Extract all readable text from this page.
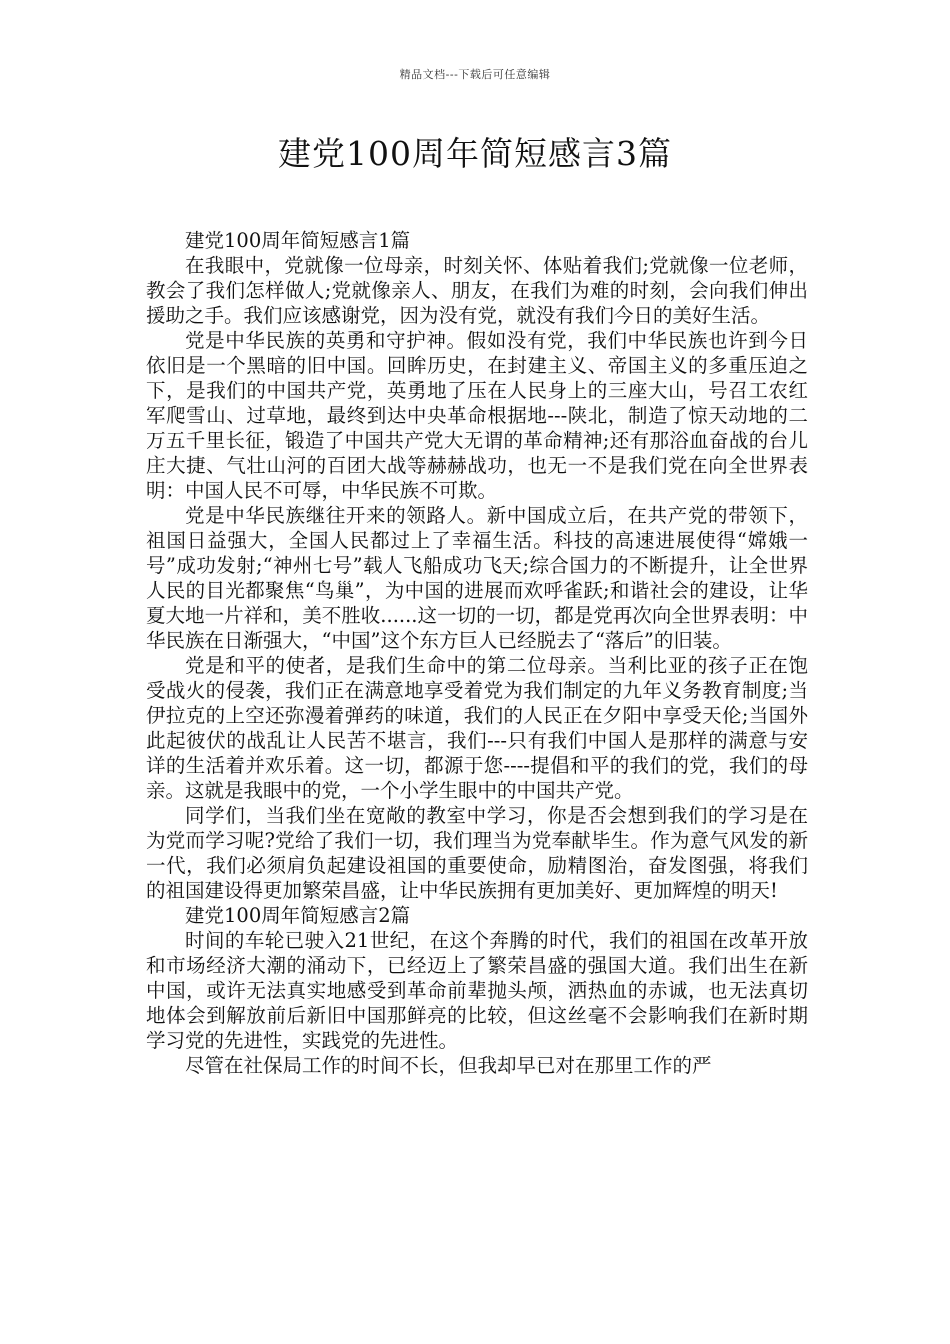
精品文档---下载后可任意编辑
建党100周年简短感言3篇

建党100周年简短感言1篇

在我眼中，党就像一位母亲，时刻关怀、体贴着我们;党就像一位老师，教会了我们怎样做人;党就像亲人、朋友，在我们为难的时刻，会向我们伸出援助之手。我们应该感谢党，因为没有党，就没有我们今日的美好生活。

党是中华民族的英勇和守护神。假如没有党，我们中华民族也许到今日依旧是一个黑暗的旧中国。回眸历史，在封建主义、帝国主义的多重压迫之下，是我们的中国共产党，英勇地了压在人民身上的三座大山，号召工农红军爬雪山、过草地，最终到达中央革命根据地---陕北，制造了惊天动地的二万五千里长征，锻造了中国共产党大无谓的革命精神;还有那浴血奋战的台儿庄大捷、气壮山河的百团大战等赫赫战功，也无一不是我们党在向全世界表明：中国人民不可辱，中华民族不可欺。

党是中华民族继往开来的领路人。新中国成立后，在共产党的带领下，祖国日益强大，全国人民都过上了幸福生活。科技的高速进展使得“嫦娥一号”成功发射;“神州七号”载人飞船成功飞天;综合国力的不断提升，让全世界人民的目光都聚焦“鸟巢”，为中国的进展而欢呼雀跃;和谐社会的建设，让华夏大地一片祥和，美不胜收......这一切的一切，都是党再次向全世界表明：中华民族在日渐强大，“中国”这个东方巨人已经脱去了“落后”的旧装。

党是和平的使者，是我们生命中的第二位母亲。当利比亚的孩子正在饱受战火的侵袭，我们正在满意地享受着党为我们制定的九年义务教育制度;当伊拉克的上空还弥漫着弹药的味道，我们的人民正在夕阳中享受天伦;当国外此起彼伏的战乱让人民苦不堪言，我们---只有我们中国人是那样的满意与安详的生活着并欢乐着。这一切，都源于您----提倡和平的我们的党，我们的母亲。这就是我眼中的党，一个小学生眼中的中国共产党。

同学们，当我们坐在宽敞的教室中学习，你是否会想到我们的学习是在为党而学习呢?党给了我们一切，我们理当为党奉献毕生。作为意气风发的新一代，我们必须肩负起建设祖国的重要使命，励精图治，奋发图强，将我们的祖国建设得更加繁荣昌盛，让中华民族拥有更加美好、更加辉煌的明天!

建党100周年简短感言2篇

时间的车轮已驶入21世纪，在这个奔腾的时代，我们的祖国在改革开放和市场经济大潮的涌动下，已经迈上了繁荣昌盛的强国大道。我们出生在新中国，或许无法真实地感受到革命前辈抛头颅，洒热血的赤诚，也无法真切地体会到解放前后新旧中国那鲜亮的比较，但这丝毫不会影响我们在新时期学习党的先进性，实践党的先进性。

尽管在社保局工作的时间不长，但我却早已对在那里工作的严
